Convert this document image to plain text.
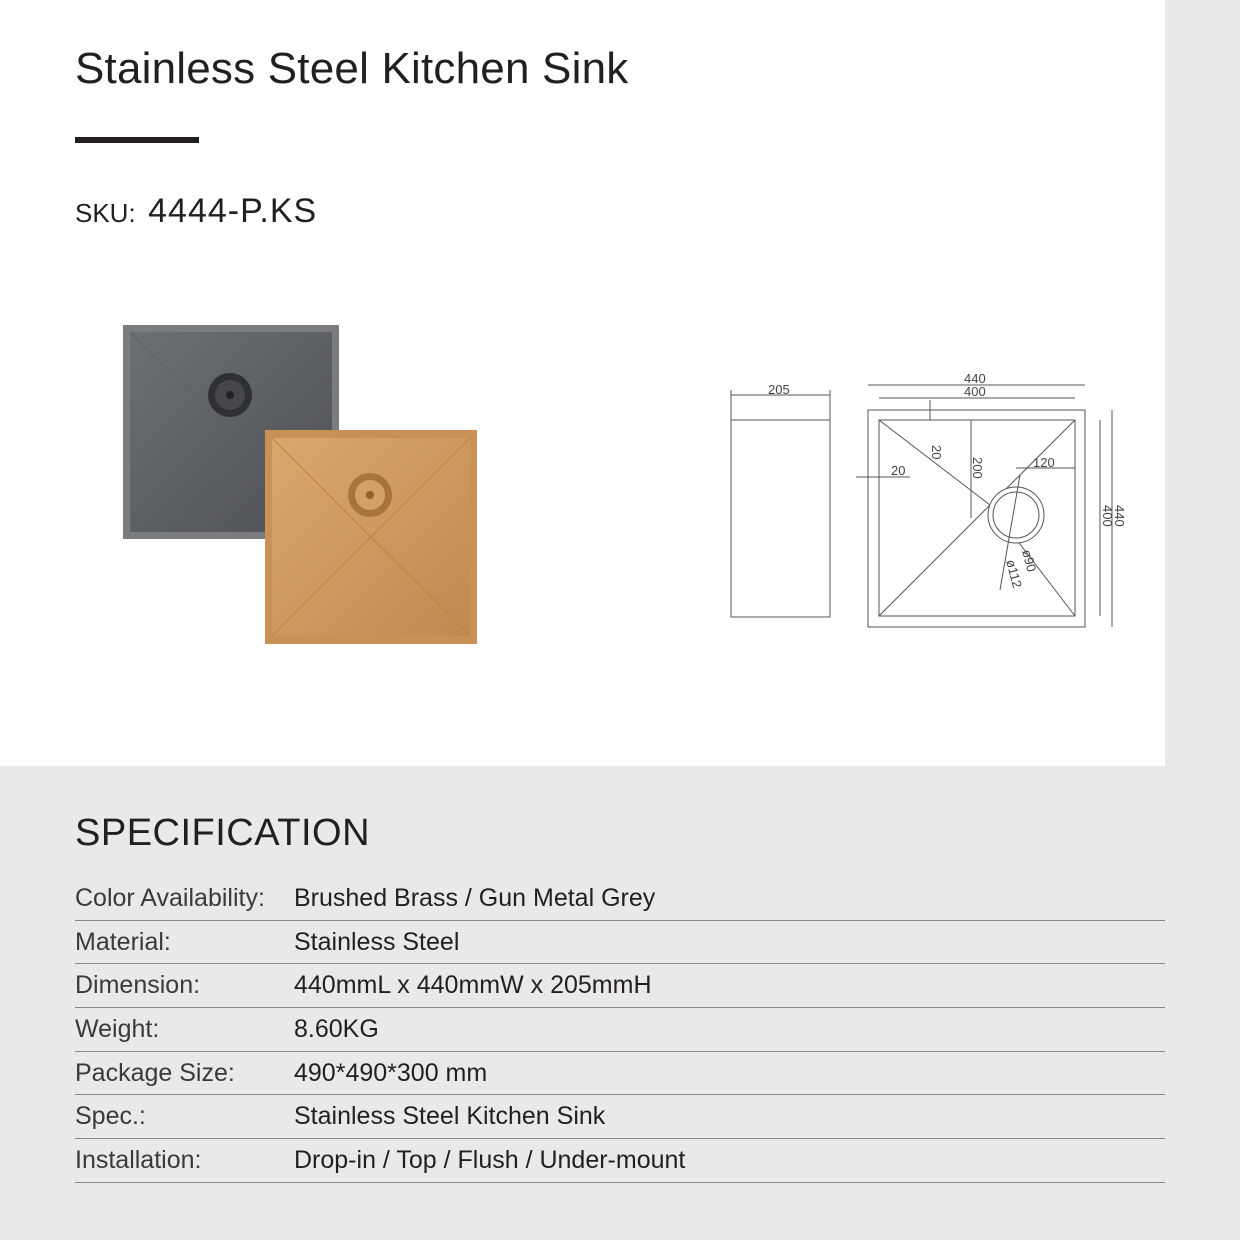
Stainless Steel Kitchen Sink
SKU: 4444-P.KS
205
440
400
20
20	200	120
400
440
ø90
ø112
SPECIFICATION
Color Availability: Brushed Brass / Gun Metal Grey
Material:	Stainless Steel
Dimension:	440mmL x 440mmW x 205mmH
Weight:	8.60KG
Package Size: 490*490*300 mm
Spec.:	Stainless Steel Kitchen Sink
Installation:	Drop-in / Top / Flush / Under-mount
